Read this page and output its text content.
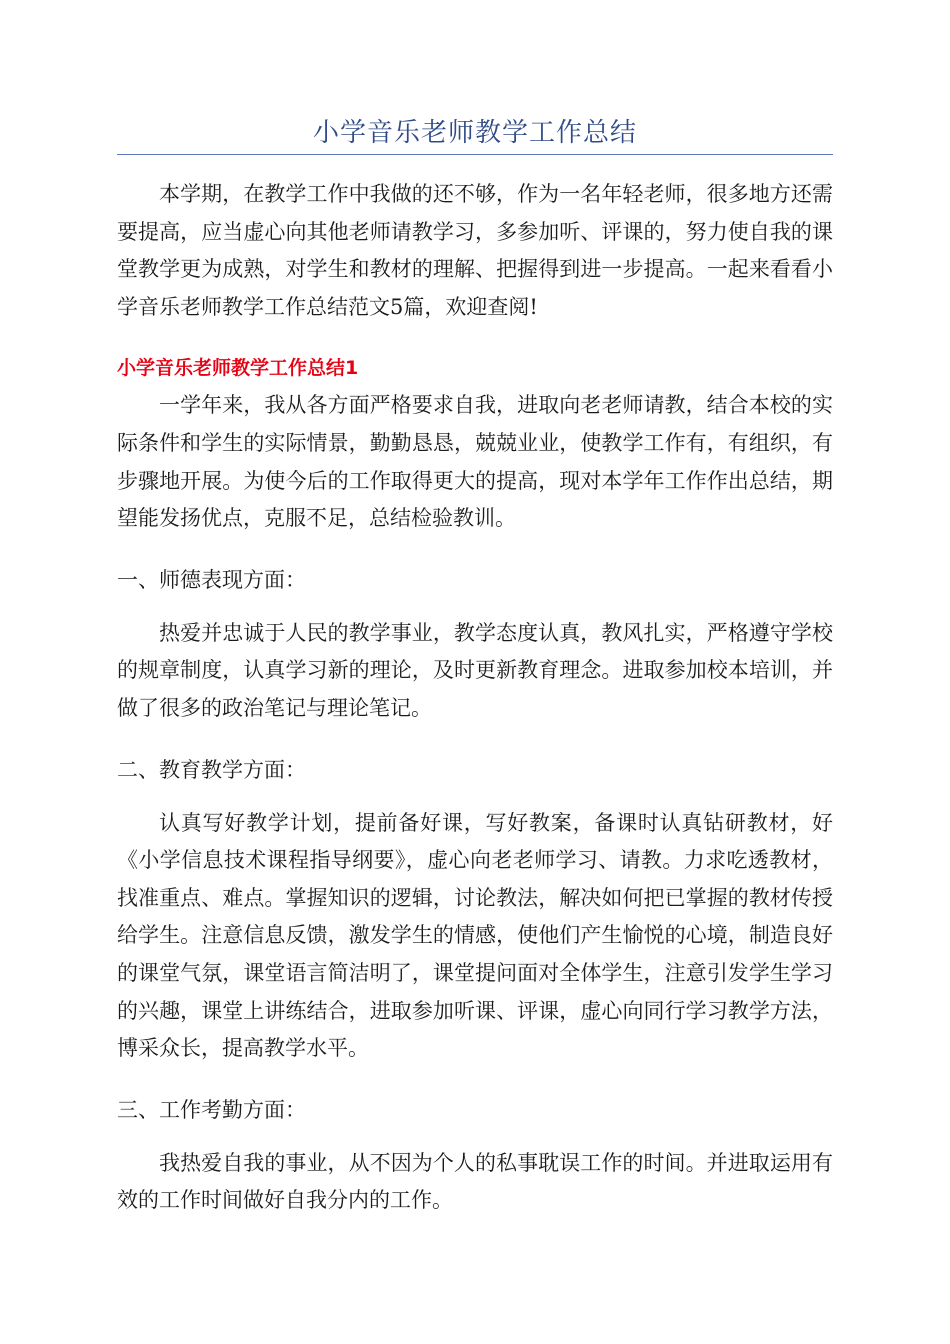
小学音乐老师教学工作总结

本学期，在教学工作中我做的还不够，作为一名年轻老师，很多地方还需要提高，应当虚心向其他老师请教学习，多参加听、评课的，努力使自我的课堂教学更为成熟，对学生和教材的理解、把握得到进一步提高。一起来看看小学音乐老师教学工作总结范文5篇，欢迎查阅!

小学音乐老师教学工作总结1

一学年来，我从各方面严格要求自我，进取向老老师请教，结合本校的实际条件和学生的实际情景，勤勤恳恳，兢兢业业，使教学工作有，有组织，有步骤地开展。为使今后的工作取得更大的提高，现对本学年工作作出总结，期望能发扬优点，克服不足，总结检验教训。

一、师德表现方面：

热爱并忠诚于人民的教学事业，教学态度认真，教风扎实，严格遵守学校的规章制度，认真学习新的理论，及时更新教育理念。进取参加校本培训，并做了很多的政治笔记与理论笔记。

二、教育教学方面：

认真写好教学计划，提前备好课，写好教案，备课时认真钻研教材，好《小学信息技术课程指导纲要》，虚心向老老师学习、请教。力求吃透教材，找准重点、难点。掌握知识的逻辑，讨论教法，解决如何把已掌握的教材传授给学生。注意信息反馈，激发学生的情感，使他们产生愉悦的心境，制造良好的课堂气氛，课堂语言简洁明了，课堂提问面对全体学生，注意引发学生学习的兴趣，课堂上讲练结合，进取参加听课、评课，虚心向同行学习教学方法，博采众长，提高教学水平。

三、工作考勤方面：

我热爱自我的事业，从不因为个人的私事耽误工作的时间。并进取运用有效的工作时间做好自我分内的工作。
